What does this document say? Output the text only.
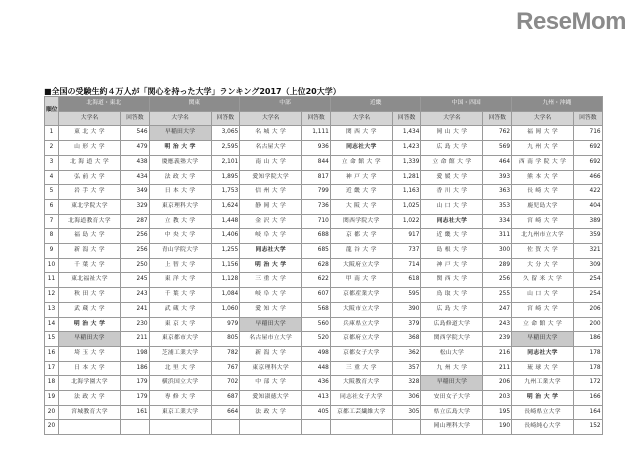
ReseMom
■全国の受験生約４万人が「関心を持った大学」ランキング2017（上位20大学）
順位	北海道・東北		関東		中部		近畿		中国・四国		九州・沖縄	
	大学名	回答数	大学名	回答数	大学名	回答数	大学名	回答数	大学名	回答数	大学名	回答数
1	東 北 大 学	546	早稲田大学	3,065	名 城 大 学	1,111	関 西 大 学	1,434	岡 山 大 学	762	福 岡 大 学	716
2	山 形 大 学	479	明 治 大 学	2,595	名古屋大学	936	同志社大学	1,423	広 島 大 学	569	九 州 大 学	692
3	北 海 道 大 学	438	慶應義塾大学	2,101	南 山 大 学	844	立 命 館 大 学	1,339	立 命 館 大 学	464	西 南 学 院 大 学	692
4	弘 前 大 学	434	法 政 大 学	1,895	愛知学院大学	817	神 戸 大 学	1,281	愛 媛 大 学	393	熊 本 大 学	466
5	岩 手 大 学	349	日 本 大 学	1,753	信 州 大 学	799	近 畿 大 学	1,163	香 川 大 学	363	長 崎 大 学	422
6	東北学院大学	329	東京理科大学	1,624	静 岡 大 学	736	大 阪 大 学	1,025	山 口 大 学	353	鹿児島大学	404
7	北海道教育大学	287	立 教 大 学	1,448	金 沢 大 学	710	関西学院大学	1,022	同志社大学	334	宮 崎 大 学	389
8	福 島 大 学	256	中 央 大 学	1,406	岐 阜 大 学	688	京 都 大 学	917	近 畿 大 学	311	北九州市立大学	359
9	新 潟 大 学	256	青山学院大学	1,255	同志社大学	685	龍 谷 大 学	737	島 根 大 学	300	佐 賀 大 学	321
10	千 葉 大 学	250	上 智 大 学	1,156	明 治 大 学	628	大阪府立大学	714	神 戸 大 学	289	大 分 大 学	309
11	東北福祉大学	245	東 洋 大 学	1,128	三 重 大 学	622	甲 南 大 学	618	関 西 大 学	256	久 留 米 大 学	254
12	秋 田 大 学	243	千 葉 大 学	1,084	岐 阜 大 学	607	京都産業大学	595	鳥 取 大 学	255	山 口 大 学	254
13	武 蔵 大 学	241	武 蔵 大 学	1,060	愛 知 大 学	568	大阪市立大学	390	広 島 大 学	247	宮 崎 大 学	206
14	明 治 大 学	230	東 京 大 学	979	早稲田大学	560	兵庫県立大学	379	広島修道大学	243	立 命 館 大 学	200
15	早稲田大学	211	東京都市大学	805	名古屋市立大学	520	京都府立大学	368	関西学院大学	239	早稲田大学	186
16	埼 玉 大 学	198	芝浦工業大学	782	新 潟 大 学	498	京都女子大学	362	松山大学	216	同志社大学	178
17	日 本 大 学	186	北 里 大 学	767	東京理科大学	448	三 重 大 学	357	九 州 大 学	211	琉 球 大 学	178
18	北海学園大学	179	横浜国立大学	702	中 部 大 学	436	大阪教育大学	328	早稲田大学	206	九州工業大学	172
19	法 政 大 学	179	専 修 大 学	687	愛知淑徳大学	413	同志社女子大学	306	安田女子大学	203	明 治 大 学	166
20	宮城教育大学	161	東京工業大学	664	法 政 大 学	405	京都工芸繊維大学	305	県立広島大学	195	長崎県立大学	164
20									岡山理科大学	190	長崎純心大学	152
